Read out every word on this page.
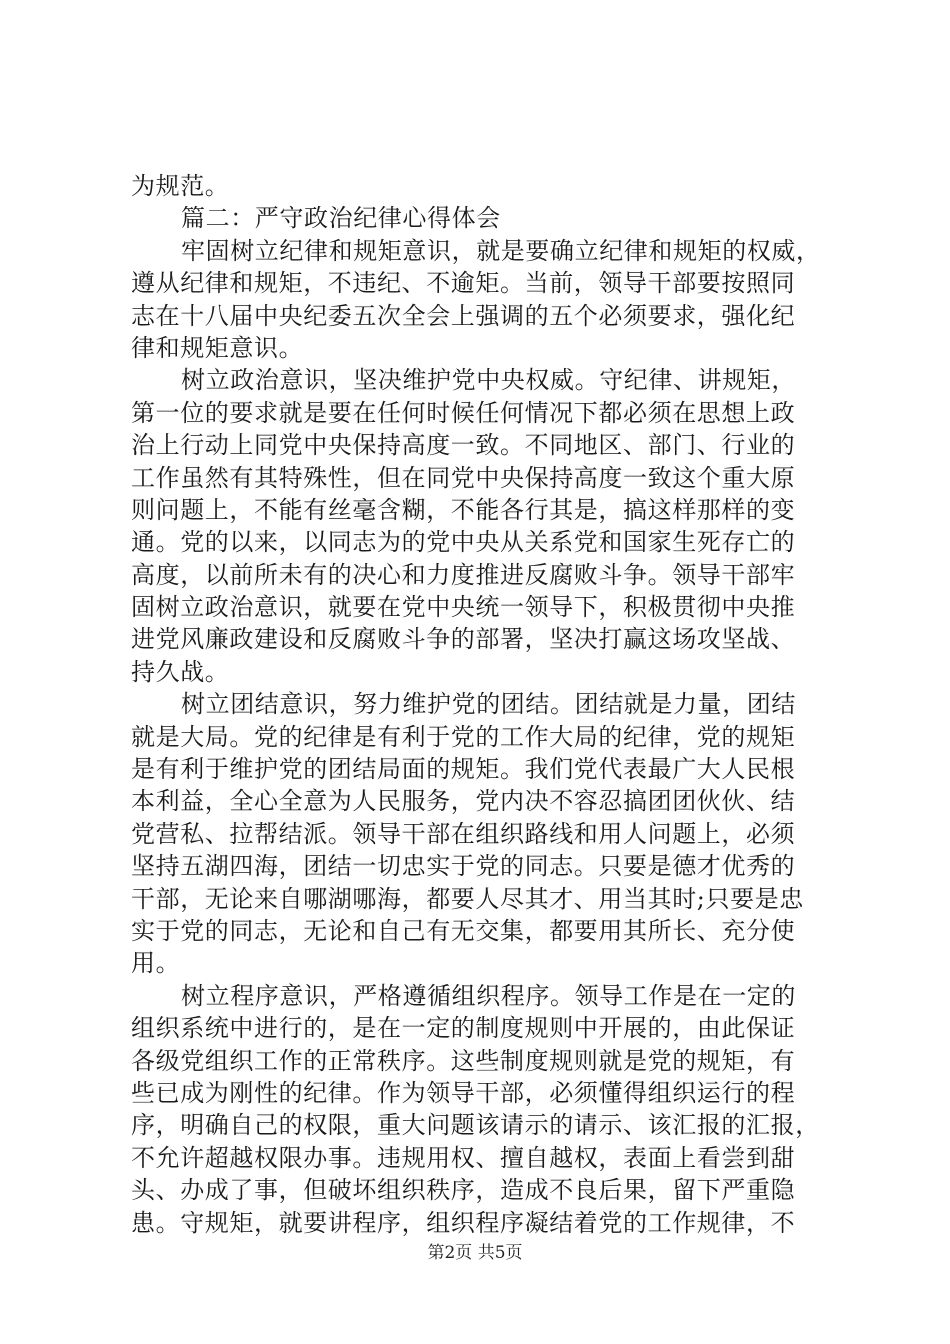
为规范。
篇二：严守政治纪律心得体会
牢固树立纪律和规矩意识，就是要确立纪律和规矩的权威，
遵从纪律和规矩，不违纪、不逾矩。当前，领导干部要按照同
志在十八届中央纪委五次全会上强调的五个必须要求，强化纪
律和规矩意识。
树立政治意识，坚决维护党中央权威。守纪律、讲规矩，
第一位的要求就是要在任何时候任何情况下都必须在思想上政
治上行动上同党中央保持高度一致。不同地区、部门、行业的
工作虽然有其特殊性，但在同党中央保持高度一致这个重大原
则问题上，不能有丝毫含糊，不能各行其是，搞这样那样的变
通。党的以来，以同志为的党中央从关系党和国家生死存亡的
高度，以前所未有的决心和力度推进反腐败斗争。领导干部牢
固树立政治意识，就要在党中央统一领导下，积极贯彻中央推
进党风廉政建设和反腐败斗争的部署，坚决打赢这场攻坚战、
持久战。
树立团结意识，努力维护党的团结。团结就是力量，团结
就是大局。党的纪律是有利于党的工作大局的纪律，党的规矩
是有利于维护党的团结局面的规矩。我们党代表最广大人民根
本利益，全心全意为人民服务，党内决不容忍搞团团伙伙、结
党营私、拉帮结派。领导干部在组织路线和用人问题上，必须
坚持五湖四海，团结一切忠实于党的同志。只要是德才优秀的
干部，无论来自哪湖哪海，都要人尽其才、用当其时;只要是忠
实于党的同志，无论和自己有无交集，都要用其所长、充分使
用。
树立程序意识，严格遵循组织程序。领导工作是在一定的
组织系统中进行的，是在一定的制度规则中开展的，由此保证
各级党组织工作的正常秩序。这些制度规则就是党的规矩，有
些已成为刚性的纪律。作为领导干部，必须懂得组织运行的程
序，明确自己的权限，重大问题该请示的请示、该汇报的汇报，
不允许超越权限办事。违规用权、擅自越权，表面上看尝到甜
头、办成了事，但破坏组织秩序，造成不良后果，留下严重隐
患。守规矩，就要讲程序，组织程序凝结着党的工作规律，不
第2页 共5页
